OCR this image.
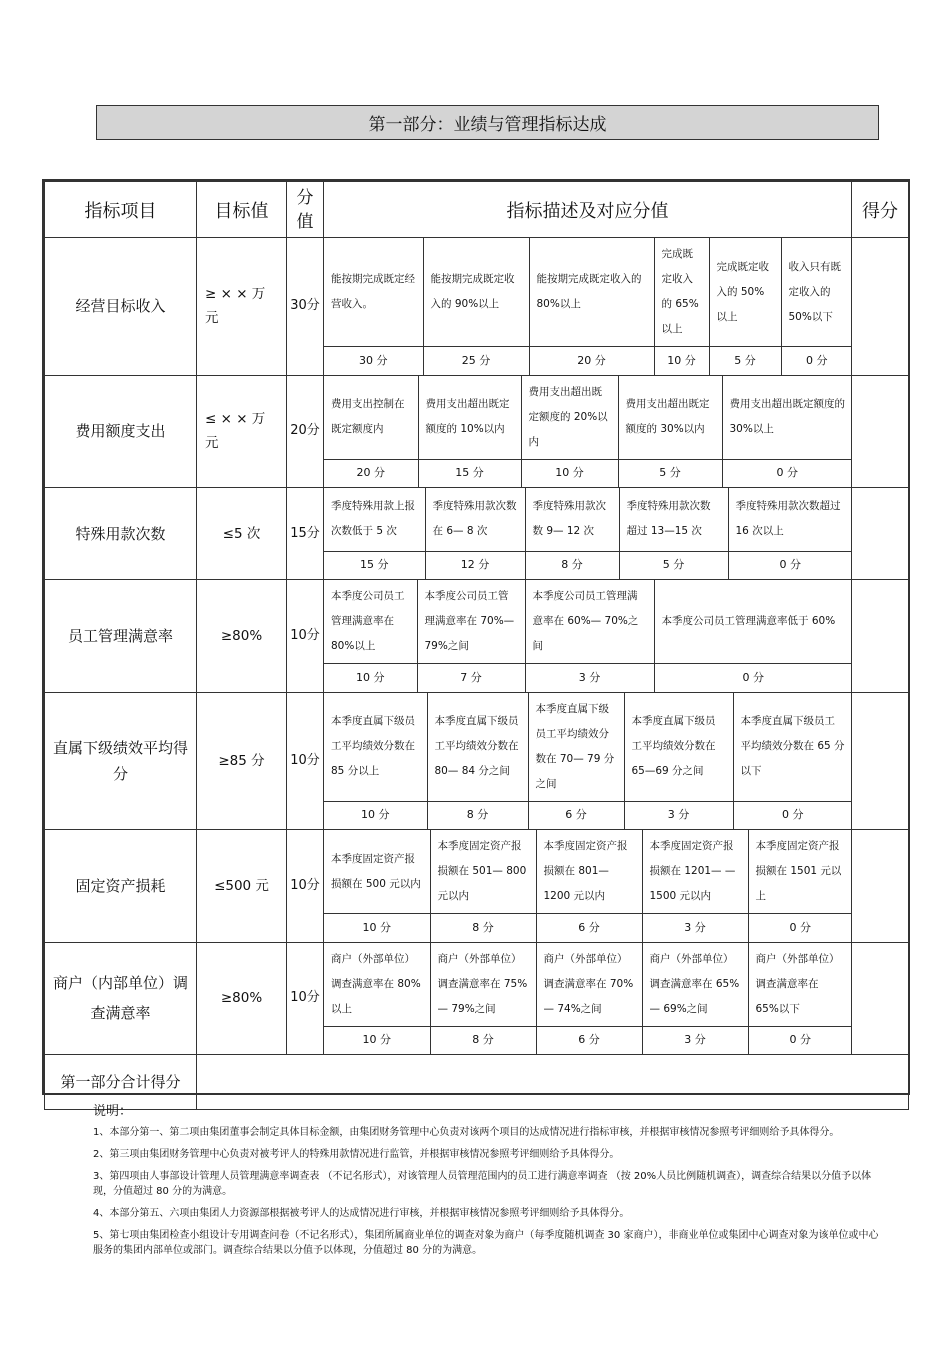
第一部分：业绩与管理指标达成
指标项目	目标值	分值	指标描述及对应分值	得分
经营目标收入	≥ × × 万元	30分	
能按期完成既定经营收入。	能按期完成既定收入的 90%以上	能按期完成既定收入的 80%以上	完成既定收入的 65%以上	完成既定收入的 50%以上	收入只有既定收入的 50%以下
30 分	25 分	20 分	10 分	5 分	0 分

费用额度支出	≤ × × 万元	20分	
费用支出控制在既定额度内	费用支出超出既定额度的 10%以内	费用支出超出既定额度的 20%以内	费用支出超出既定额度的 30%以内	费用支出超出既定额度的 30%以上
20 分	15 分	10 分	5 分	0 分

特殊用款次数	≤5 次	15分	
季度特殊用款上报次数低于 5 次	季度特殊用款次数在 6— 8 次	季度特殊用款次数 9— 12 次	季度特殊用款次数超过 13—15 次	季度特殊用款次数超过 16 次以上
15 分	12 分	8 分	5 分	0 分

员工管理满意率	≥80%	10分	
本季度公司员工管理满意率在 80%以上	本季度公司员工管理满意率在 70%— 79%之间	本季度公司员工管理满意率在 60%— 70%之间	本季度公司员工管理满意率低于 60%
10 分	7 分	3 分	0 分

直属下级绩效平均得分	≥85 分	10分	
本季度直属下级员工平均绩效分数在 85 分以上	本季度直属下级员工平均绩效分数在 80— 84 分之间	本季度直属下级员工平均绩效分数在 70— 79 分之间	本季度直属下级员工平均绩效分数在 65—69 分之间	本季度直属下级员工平均绩效分数在 65 分以下
10 分	8 分	6 分	3 分	0 分

固定资产损耗	≤500 元	10分	
本季度固定资产报损额在 500 元以内	本季度固定资产报损额在 501— 800 元以内	本季度固定资产报损额在 801— 1200 元以内	本季度固定资产报损额在 1201— — 1500 元以内	本季度固定资产报损额在 1501 元以上
10 分	8 分	6 分	3 分	0 分

商户（内部单位）调查满意率	≥80%	10分	
商户（外部单位）调查满意率在 80%以上	商户（外部单位）调查满意率在 75%— 79%之间	商户（外部单位）调查满意率在 70%— 74%之间	商户（外部单位）调查满意率在 65%— 69%之间	商户（外部单位）调查满意率在 65%以下
10 分	8 分	6 分	3 分	0 分

第一部分合计得分	
说明：

1、本部分第一、第二项由集团董事会制定具体目标金额，由集团财务管理中心负责对该两个项目的达成情况进行指标审核，并根据审核情况参照考评细则给予具体得分。

2、第三项由集团财务管理中心负责对被考评人的特殊用款情况进行监管，并根据审核情况参照考评细则给予具体得分。

3、第四项由人事部设计管理人员管理满意率调查表 （不记名形式），对该管理人员管理范围内的员工进行满意率调查 （按 20%人员比例随机调查），调查综合结果以分值予以体现，分值超过 80 分的为满意。

4、本部分第五、六项由集团人力资源部根据被考评人的达成情况进行审核，并根据审核情况参照考评细则给予具体得分。

5、第七项由集团检查小组设计专用调查问卷（不记名形式），集团所属商业单位的调查对象为商户（每季度随机调查 30 家商户），非商业单位或集团中心调查对象为该单位或中心服务的集团内部单位或部门。调查综合结果以分值予以体现，分值超过 80 分的为满意。
